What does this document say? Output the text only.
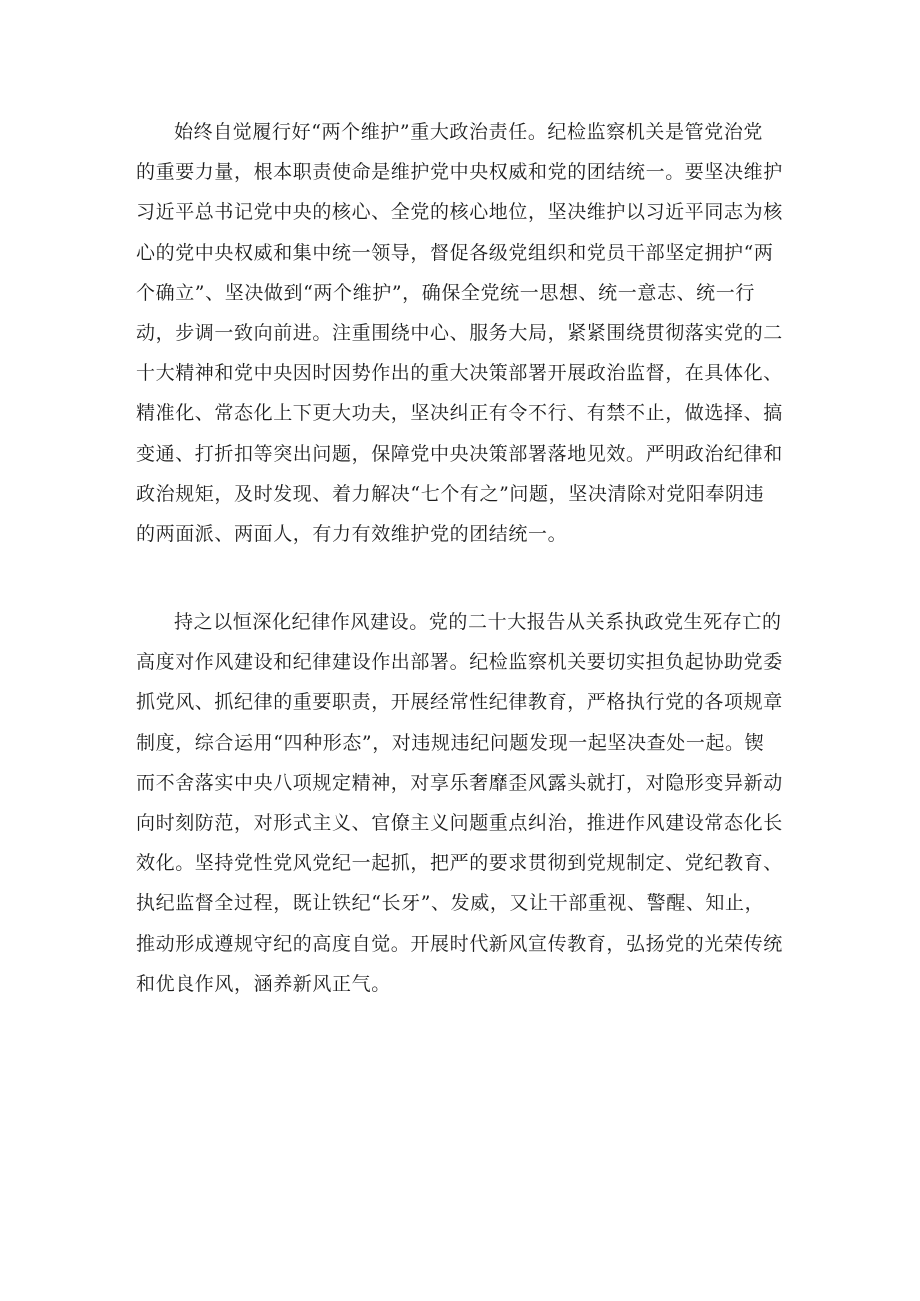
始终自觉履行好“两个维护”重大政治责任。纪检监察机关是管党治党
的重要力量，根本职责使命是维护党中央权威和党的团结统一。要坚决维护
习近平总书记党中央的核心、全党的核心地位，坚决维护以习近平同志为核
心的党中央权威和集中统一领导，督促各级党组织和党员干部坚定拥护“两
个确立”、坚决做到“两个维护”，确保全党统一思想、统一意志、统一行
动，步调一致向前进。注重围绕中心、服务大局，紧紧围绕贯彻落实党的二
十大精神和党中央因时因势作出的重大决策部署开展政治监督，在具体化、
精准化、常态化上下更大功夫，坚决纠正有令不行、有禁不止，做选择、搞
变通、打折扣等突出问题，保障党中央决策部署落地见效。严明政治纪律和
政治规矩，及时发现、着力解决“七个有之”问题，坚决清除对党阳奉阴违
的两面派、两面人，有力有效维护党的团结统一。
持之以恒深化纪律作风建设。党的二十大报告从关系执政党生死存亡的
高度对作风建设和纪律建设作出部署。纪检监察机关要切实担负起协助党委
抓党风、抓纪律的重要职责，开展经常性纪律教育，严格执行党的各项规章
制度，综合运用“四种形态”，对违规违纪问题发现一起坚决查处一起。锲
而不舍落实中央八项规定精神，对享乐奢靡歪风露头就打，对隐形变异新动
向时刻防范，对形式主义、官僚主义问题重点纠治，推进作风建设常态化长
效化。坚持党性党风党纪一起抓，把严的要求贯彻到党规制定、党纪教育、
执纪监督全过程，既让铁纪“长牙”、发威，又让干部重视、警醒、知止，
推动形成遵规守纪的高度自觉。开展时代新风宣传教育，弘扬党的光荣传统
和优良作风，涵养新风正气。
